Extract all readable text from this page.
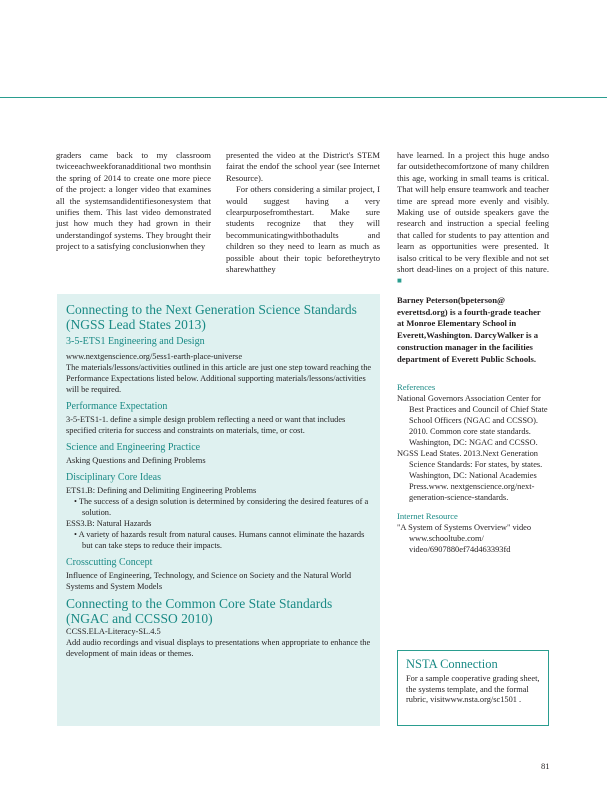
graders came back to my classroom twiceeachweekforanadditional two monthsin the spring of 2014 to create one more piece of the project: a longer video that examines all the systemsandidentifiesonesystem that unifies them. This last video demonstrated just how much they had grown in their understandingof systems. They brought their project to a satisfying conclusionwhen they

presented the video at the District's STEM fairat the endof the school year (see Internet Resource).

For others considering a similar project, I would suggest having a very clearpurposefromthestart. Make sure students recognize that they will becommunicatingwithbothadults and children so they need to learn as much as possible about their topic beforetheytryto sharewhatthey

have learned. In a project this huge andso far outsidethecomfortzone of many children this age, working in small teams is critical. That will help ensure teamwork and teacher time are spread more evenly and visibly. Making use of outside speakers gave the research and instruction a special feeling that called for students to pay attention and learn as opportunities were presented. It isalso critical to be very flexible and not set short dead-lines on a project of this nature. ■

Barney Peterson(bpeterson@ everettsd.org) is a fourth-grade teacher at Monroe Elementary School in Everett,Washington. DarcyWalker is a construction manager in the facilities department of Everett Public Schools.

References

National Governors Association Center for Best Practices and Council of Chief State School Officers (NGAC and CCSSO). 2010. Common core state standards. Washington, DC: NGAC and CCSSO.

NGSS Lead States. 2013.Next Generation Science Standards: For states, by states. Washington, DC: National Academies Press.www. nextgenscience.org/next-generation-science-standards.

Internet Resource

"A System of Systems Overview" video www.schooltube.com/ video/6907880ef74d463393fd

Connecting to the Next Generation Science Standards (NGSS Lead States 2013)
3-5-ETS1 Engineering and Design

www.nextgenscience.org/5ess1-earth-place-universe

The materials/lessons/activities outlined in this article are just one step toward reaching the Performance Expectations listed below. Additional supporting materials/lessons/activities will be required.

Performance Expectation

3-5-ETS1-1. define a simple design problem reflecting a need or want that includes specified criteria for success and constraints on materials, time, or cost.

Science and Engineering Practice

Asking Questions and Defining Problems

Disciplinary Core Ideas

ETS1.B: Defining and Delimiting Engineering Problems

• The success of a design solution is determined by considering the desired features of a solution.

ESS3.B: Natural Hazards

• A variety of hazards result from natural causes. Humans cannot eliminate the hazards but can take steps to reduce their impacts.

Crosscutting Concept

Influence of Engineering, Technology, and Science on Society and the Natural World

Systems and System Models

Connecting to the Common Core State Standards (NGAC and CCSSO 2010)

CCSS.ELA-Literacy-SL.4.5

Add audio recordings and visual displays to presentations when appropriate to enhance the development of main ideas or themes.

NSTA Connection

For a sample cooperative grading sheet, the systems template, and the formal rubric, visitwww.nsta.org/sc1501 .

81
